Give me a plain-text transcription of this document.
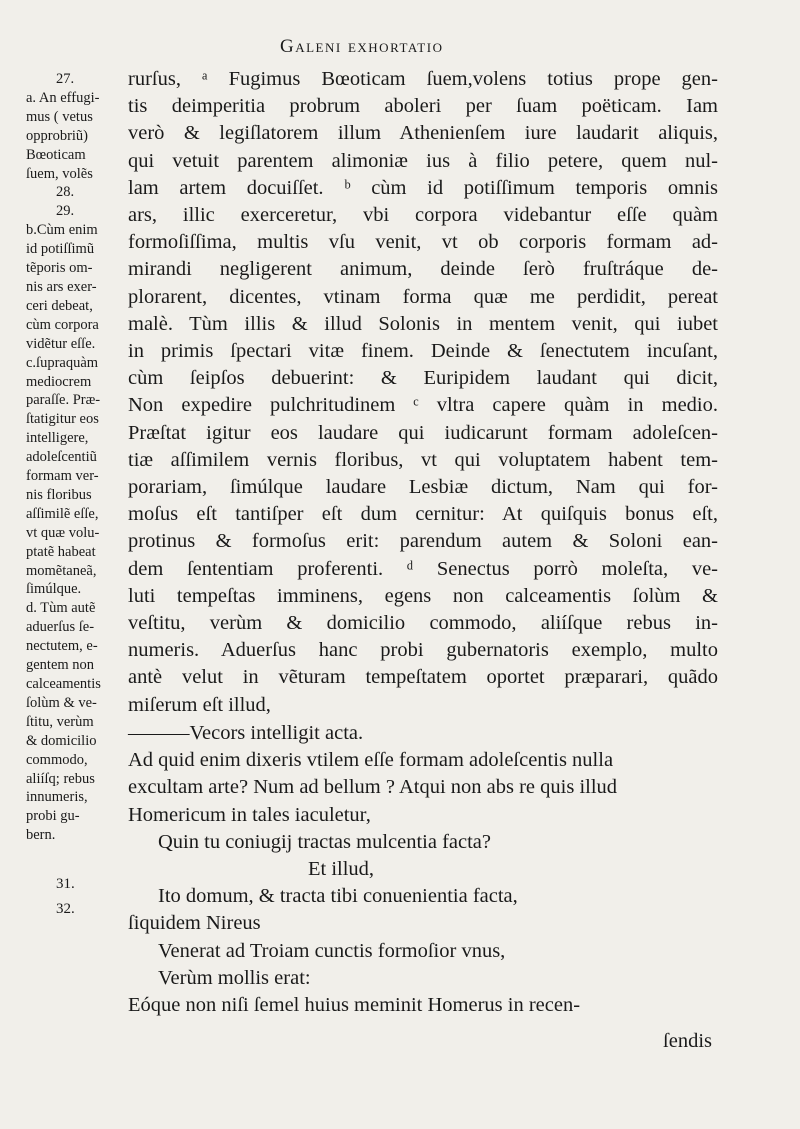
Galeni exhortatio
27.
a. An effugi-
mus ( vetus
opprobriũ)
Bœoticam
ſuem, volẽs
28.
29.
b.Cùm enim
id potiſſimũ
tẽporis om-
nis ars exer-
ceri debeat,
cùm corpora
vidẽtur eſſe.
c.ſupraquàm
mediocrem
paraſſe. Præ-
ſtatigitur eos
intelligere,
adoleſcentiũ
formam ver-
nis floribus
aſſimilẽ eſſe,
vt quæ volu-
ptatẽ habeat
momẽtaneã,
ſimúlque.
d. Tùm autẽ
aduerſus ſe-
nectutem, e-
gentem non
calceamentis
ſolùm & ve-
ſtitu, verùm
& domicilio
commodo,
aliíſq; rebus
innumeris,
probi gu-
bern.
rurſus, ᵃ Fugimus Bœoticam ſuem,volens totius prope gen-
tis deimperitia probrum aboleri per ſuam poëticam. Iam
verò & legiſlatorem illum Athenienſem iure laudarit aliquis,
qui vetuit parentem alimoniæ ius à filio petere, quem nul-
lam artem docuiſſet. ᵇ cùm id potiſſimum temporis omnis
ars, illic exerceretur, vbi corpora videbantur eſſe quàm
formoſiſſima, multis vſu venit, vt ob corporis formam ad-
mirandi negligerent animum, deinde ſerò fruſtráque de-
plorarent, dicentes, vtinam forma quæ me perdidit, pereat
malè. Tùm illis & illud Solonis in mentem venit, qui iubet
in primis ſpectari vitæ finem. Deinde & ſenectutem incuſant,
cùm ſeipſos debuerint: & Euripidem laudant qui dicit,
Non expedire pulchritudinem ᶜ vltra capere quàm in medio.
Præſtat igitur eos laudare qui iudicarunt formam adoleſcen-
tiæ aſſimilem vernis floribus, vt qui voluptatem habent tem-
porariam, ſimúlque laudare Lesbiæ dictum, Nam qui for-
moſus eſt tantiſper eſt dum cernitur: At quiſquis bonus eſt,
protinus & formoſus erit: parendum autem & Soloni ean-
dem ſententiam proferenti. ᵈ Senectus porrò moleſta, ve-
luti tempeſtas imminens, egens non calceamentis ſolùm &
veſtitu, verùm & domicilio commodo, aliíſque rebus in-
numeris. Aduerſus hanc probi gubernatoris exemplo, multo
antè velut in vẽturam tempeſtatem oportet præparari, quãdo
miſerum eſt illud,
———Vecors intelligit acta.
Ad quid enim dixeris vtilem eſſe formam adoleſcentis nulla
excultam arte? Num ad bellum ? Atqui non abs re quis illud
Homericum in tales iaculetur,
Quin tu coniugij tractas mulcentia facta?
Et illud,
Ito domum, & tracta tibi conuenientia facta,
ſiquidem Nireus
Venerat ad Troiam cunctis formoſior vnus,
Verùm mollis erat:
Eóque non niſi ſemel huius meminit Homerus in recen-
31.
32.
ſendis
